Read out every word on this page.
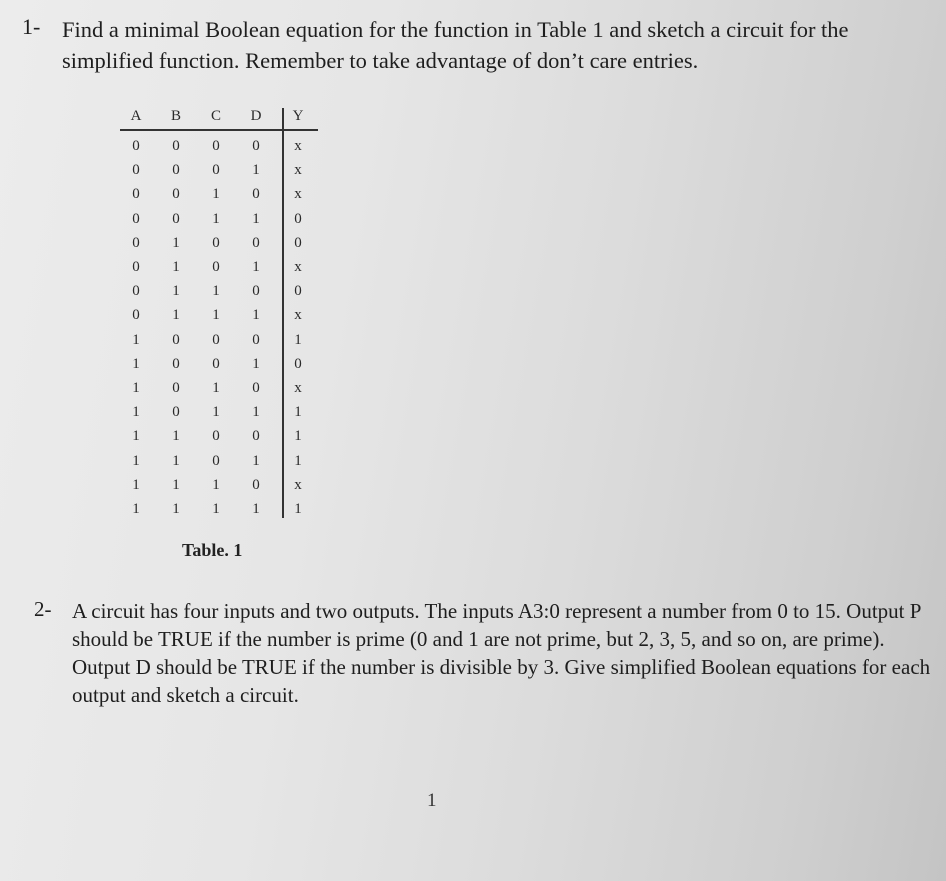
1- Find a minimal Boolean equation for the function in Table 1 and sketch a circuit for the simplified function. Remember to take advantage of don’t care entries.
A	B	C	D	Y
0	0	0	0	x
0	0	0	1	x
0	0	1	0	x
0	0	1	1	0
0	1	0	0	0
0	1	0	1	x
0	1	1	0	0
0	1	1	1	x
1	0	0	0	1
1	0	0	1	0
1	0	1	0	x
1	0	1	1	1
1	1	0	0	1
1	1	0	1	1
1	1	1	0	x
1	1	1	1	1
Table. 1
2- A circuit has four inputs and two outputs. The inputs A3:0 represent a number from 0 to 15. Output P should be TRUE if the number is prime (0 and 1 are not prime, but 2, 3, 5, and so on, are prime). Output D should be TRUE if the number is divisible by 3. Give simplified Boolean equations for each output and sketch a circuit.
1
